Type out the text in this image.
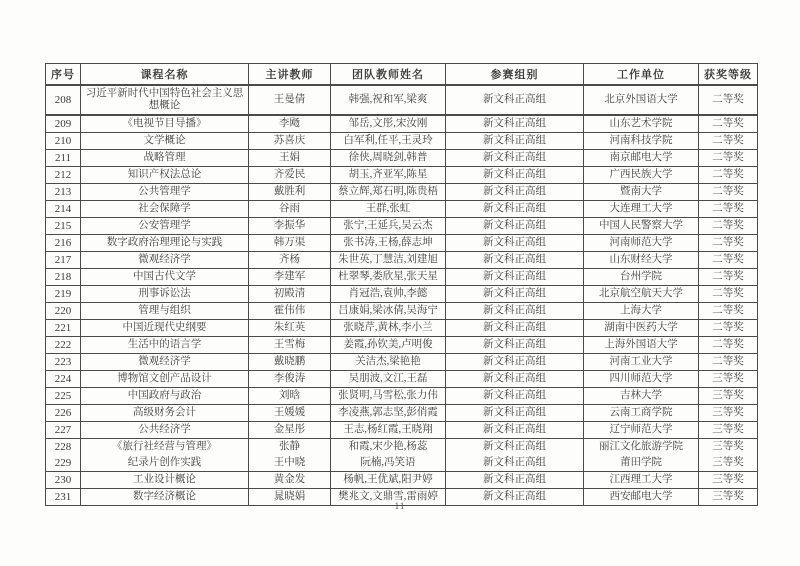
序号	课程名称	主讲教师	团队教师姓名	参赛组别	工作单位	获奖等级
208	习近平新时代中国特色社会主义思想概论	王曼倩	韩强,祝和军,梁爽	新文科正高组	北京外国语大学	二等奖
209	《电视节目导播》	李飏	邹岳,文彤,宋汝刚	新文科正高组	山东艺术学院	二等奖
210	文学概论	苏喜庆	白军利,任平,王灵玲	新文科正高组	河南科技学院	二等奖
211	战略管理	王娟	徐侠,周晓剑,韩普	新文科正高组	南京邮电大学	二等奖
212	知识产权法总论	齐爱民	胡玉,齐亚军,陈星	新文科正高组	广西民族大学	二等奖
213	公共管理学	戴胜利	蔡立辉,郑石明,陈贵梧	新文科正高组	暨南大学	二等奖
214	社会保障学	谷雨	王群,张虹	新文科正高组	大连理工大学	二等奖
215	公安管理学	李振华	张宁,王延兵,吴云杰	新文科正高组	中国人民警察大学	二等奖
216	数字政府治理理论与实践	韩万渠	张书涛,王杨,薛志坤	新文科正高组	河南师范大学	二等奖
217	微观经济学	齐杨	朱世英,丁慧洁,刘建旭	新文科正高组	山东财经大学	二等奖
218	中国古代文学	李建军	杜翠琴,娄欣星,张天星	新文科正高组	台州学院	二等奖
219	刑事诉讼法	初殿清	肖冠浩,袁帅,李懿	新文科正高组	北京航空航天大学	二等奖
220	管理与组织	霍伟伟	吕康娟,梁冰倩,吴海宁	新文科正高组	上海大学	二等奖
221	中国近现代史纲要	朱红英	张晓芹,黄林,李小兰	新文科正高组	湖南中医药大学	二等奖
222	生活中的语言学	王雪梅	姜霞,孙钦美,卢明俊	新文科正高组	上海外国语大学	二等奖
223	微观经济学	戴晓鹏	关洁杰,梁艳艳	新文科正高组	河南工业大学	二等奖
224	博物馆文创产品设计	李俊涛	吴朋波,文江,王磊	新文科正高组	四川师范大学	三等奖
225	中国政府与政治	刘晗	张贤明,马雪松,张力伟	新文科正高组	吉林大学	三等奖
226	高级财务会计	王媛媛	李凌燕,郭志坚,彭俏霞	新文科正高组	云南工商学院	三等奖
227	公共经济学	金星彤	王志,杨红霞,王晓翔	新文科正高组	辽宁师范大学	三等奖
228	《旅行社经营与管理》	张静	和霞,宋少艳,杨蕊	新文科正高组	丽江文化旅游学院	三等奖
229	纪录片创作实践	王中晓	阮楠,冯笑语	新文科正高组	莆田学院	三等奖
230	工业设计概论	黄金发	杨帆,王优斌,阳尹婷	新文科正高组	江西理工大学	三等奖
231	数字经济概论	晁晓娟	樊兆文,文鼎雪,雷雨婷	新文科正高组	西安邮电大学	三等奖
11
